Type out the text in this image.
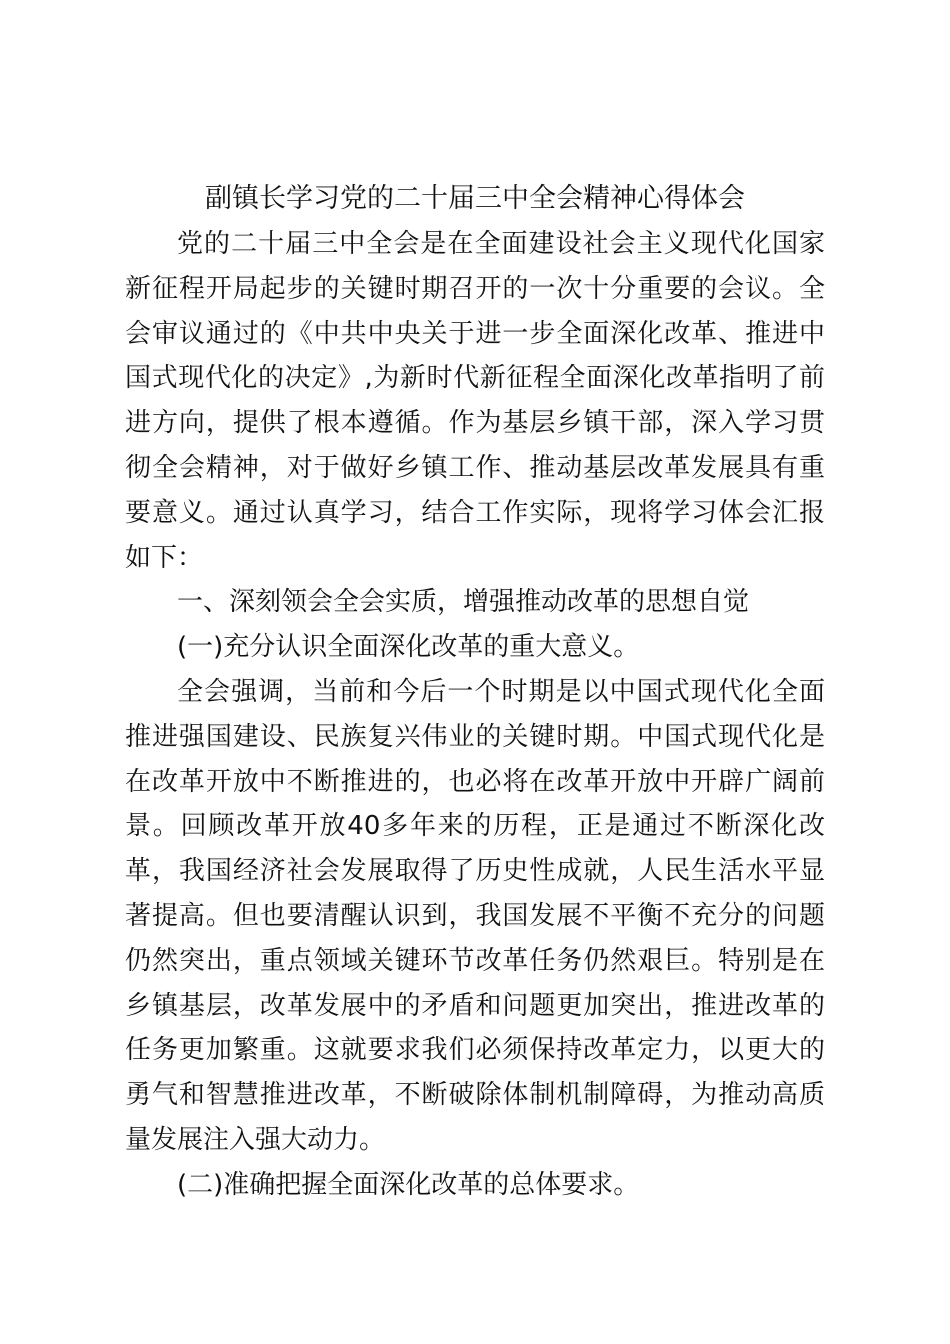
副镇长学习党的二十届三中全会精神心得体会

党的二十届三中全会是在全面建设社会主义现代化国家新征程开局起步的关键时期召开的一次十分重要的会议。全会审议通过的《中共中央关于进一步全面深化改革、推进中国式现代化的决定》,为新时代新征程全面深化改革指明了前进方向，提供了根本遵循。作为基层乡镇干部，深入学习贯彻全会精神，对于做好乡镇工作、推动基层改革发展具有重要意义。通过认真学习，结合工作实际，现将学习体会汇报如下：

一、深刻领会全会实质，增强推动改革的思想自觉

(一)充分认识全面深化改革的重大意义。

全会强调，当前和今后一个时期是以中国式现代化全面推进强国建设、民族复兴伟业的关键时期。中国式现代化是在改革开放中不断推进的，也必将在改革开放中开辟广阔前景。回顾改革开放40多年来的历程，正是通过不断深化改革，我国经济社会发展取得了历史性成就，人民生活水平显著提高。但也要清醒认识到，我国发展不平衡不充分的问题仍然突出，重点领域关键环节改革任务仍然艰巨。特别是在乡镇基层，改革发展中的矛盾和问题更加突出，推进改革的任务更加繁重。这就要求我们必须保持改革定力，以更大的勇气和智慧推进改革，不断破除体制机制障碍，为推动高质量发展注入强大动力。

(二)准确把握全面深化改革的总体要求。
